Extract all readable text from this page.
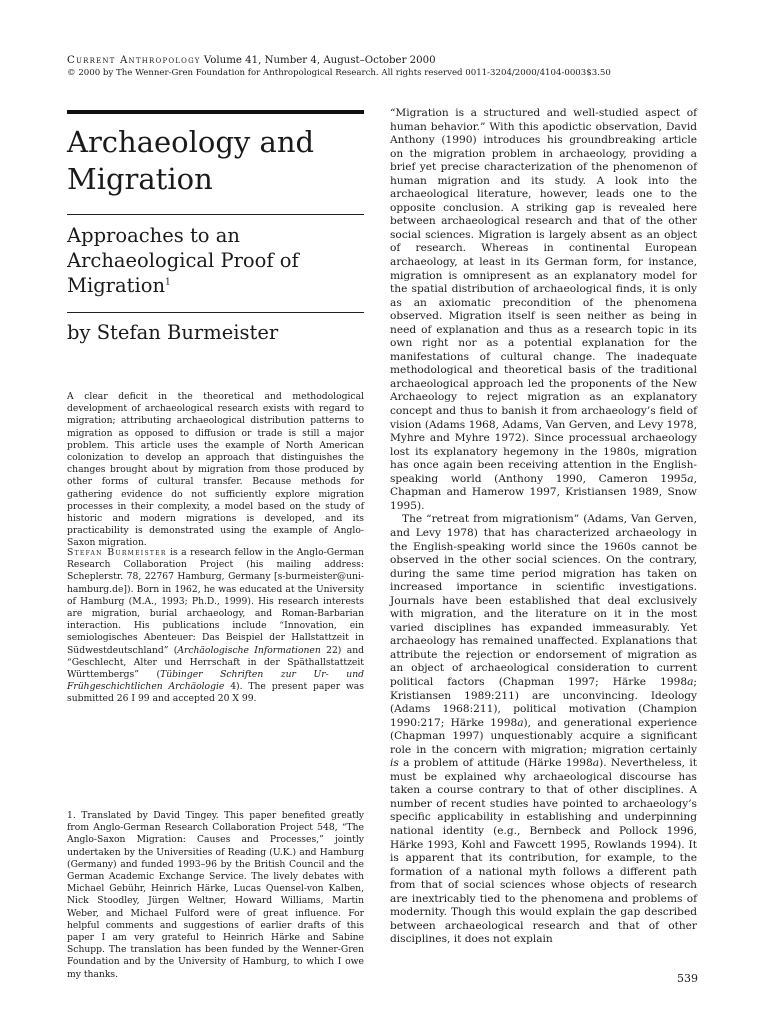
Current Anthropology Volume 41, Number 4, August–October 2000
© 2000 by The Wenner-Gren Foundation for Anthropological Research. All rights reserved 0011-3204/2000/4104-0003$3.50
Archaeology and Migration
Approaches to an Archaeological Proof of Migration$^1$
by Stefan Burmeister

A clear deficit in the theoretical and methodological development of archaeological research exists with regard to migration; attributing archaeological distribution patterns to migration as opposed to diffusion or trade is still a major problem. This article uses the example of North American colonization to develop an approach that distinguishes the changes brought about by migration from those produced by other forms of cultural transfer. Because methods for gathering evidence do not sufficiently explore migration processes in their complexity, a model based on the study of historic and modern migrations is developed, and its practicability is demonstrated using the example of Anglo-Saxon migration.

Stefan Burmeister is a research fellow in the Anglo-German Research Collaboration Project (his mailing address: Scheplerstr. 78, 22767 Hamburg, Germany [s-burmeister@uni-hamburg.de]). Born in 1962, he was educated at the University of Hamburg (M.A., 1993; Ph.D., 1999). His research interests are migration, burial archaeology, and Roman-Barbarian interaction. His publications include “Innovation, ein semiologisches Abenteuer: Das Beispiel der Hallstattzeit in Südwestdeutschland” (Archäologische Informationen 22) and “Geschlecht, Alter und Herrschaft in der Späthallstattzeit Württembergs” (Tübinger Schriften zur Ur- und Frühgeschichtlichen Archäologie 4). The present paper was submitted 26 I 99 and accepted 20 X 99.

1. Translated by David Tingey. This paper benefited greatly from Anglo-German Research Collaboration Project 548, “The Anglo-Saxon Migration: Causes and Processes,” jointly undertaken by the Universities of Reading (U.K.) and Hamburg (Germany) and funded 1993–96 by the British Council and the German Academic Exchange Service. The lively debates with Michael Gebühr, Heinrich Härke, Lucas Quensel-von Kalben, Nick Stoodley, Jürgen Weltner, Howard Williams, Martin Weber, and Michael Fulford were of great influence. For helpful comments and suggestions of earlier drafts of this paper I am very grateful to Heinrich Härke and Sabine Schupp. The translation has been funded by the Wenner-Gren Foundation and by the University of Hamburg, to which I owe my thanks.

“Migration is a structured and well-studied aspect of human behavior.” With this apodictic observation, David Anthony (1990) introduces his groundbreaking article on the migration problem in archaeology, providing a brief yet precise characterization of the phenomenon of human migration and its study. A look into the archaeological literature, however, leads one to the opposite conclusion. A striking gap is revealed here between archaeological research and that of the other social sciences. Migration is largely absent as an object of research. Whereas in continental European archaeology, at least in its German form, for instance, migration is omnipresent as an explanatory model for the spatial distribution of archaeological finds, it is only as an axiomatic precondition of the phenomena observed. Migration itself is seen neither as being in need of explanation and thus as a research topic in its own right nor as a potential explanation for the manifestations of cultural change. The inadequate methodological and theoretical basis of the traditional archaeological approach led the proponents of the New Archaeology to reject migration as an explanatory concept and thus to banish it from archaeology’s field of vision (Adams 1968, Adams, Van Gerven, and Levy 1978, Myhre and Myhre 1972). Since processual archaeology lost its explanatory hegemony in the 1980s, migration has once again been receiving attention in the English-speaking world (Anthony 1990, Cameron 1995a, Chapman and Hamerow 1997, Kristiansen 1989, Snow 1995).

The “retreat from migrationism” (Adams, Van Gerven, and Levy 1978) that has characterized archaeology in the English-speaking world since the 1960s cannot be observed in the other social sciences. On the contrary, during the same time period migration has taken on increased importance in scientific investigations. Journals have been established that deal exclusively with migration, and the literature on it in the most varied disciplines has expanded immeasurably. Yet archaeology has remained unaffected. Explanations that attribute the rejection or endorsement of migration as an object of archaeological consideration to current political factors (Chapman 1997; Härke 1998a; Kristiansen 1989:211) are unconvincing. Ideology (Adams 1968:211), political motivation (Champion 1990:217; Härke 1998a), and generational experience (Chapman 1997) unquestionably acquire a significant role in the concern with migration; migration certainly is a problem of attitude (Härke 1998a). Nevertheless, it must be explained why archaeological discourse has taken a course contrary to that of other disciplines. A number of recent studies have pointed to archaeology’s specific applicability in establishing and underpinning national identity (e.g., Bernbeck and Pollock 1996, Härke 1993, Kohl and Fawcett 1995, Rowlands 1994). It is apparent that its contribution, for example, to the formation of a national myth follows a different path from that of social sciences whose objects of research are inextricably tied to the phenomena and problems of modernity. Though this would explain the gap described between archaeological research and that of other disciplines, it does not explain

539
